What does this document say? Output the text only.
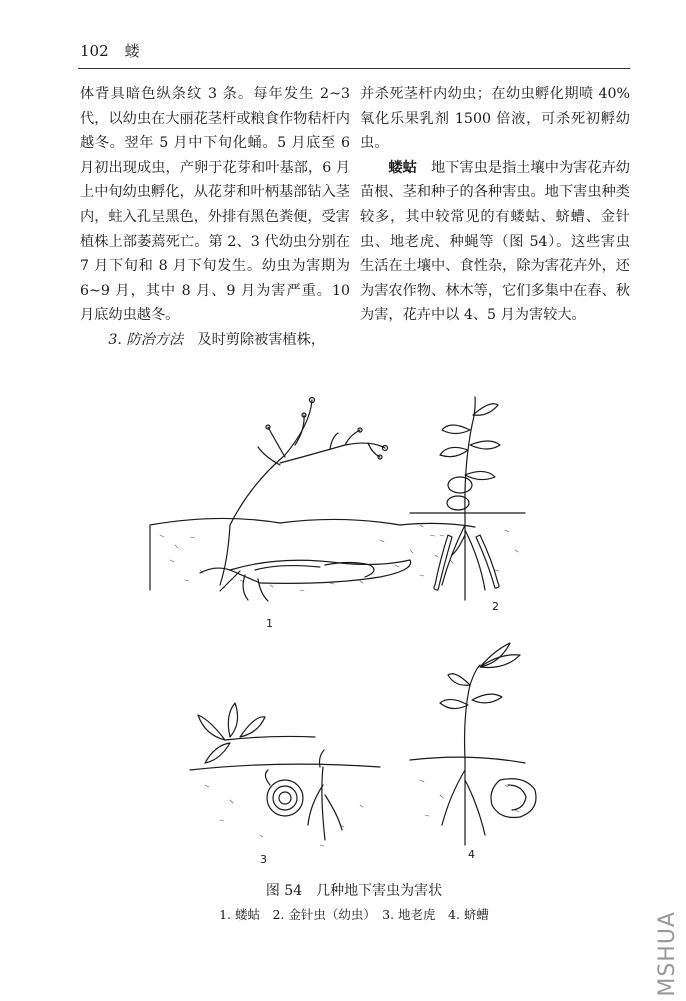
102 蝼

体背具暗色纵条纹 3 条。每年发生 2~3 代，以幼虫在大丽花茎杆或粮食作物秸杆内越冬。翌年 5 月中下旬化蛹。5 月底至 6 月初出现成虫，产卵于花芽和叶基部，6 月上中旬幼虫孵化，从花芽和叶柄基部钻入茎内，蛀入孔呈黑色，外排有黑色粪便，受害植株上部萎蔫死亡。第 2、3 代幼虫分别在 7 月下旬和 8 月下旬发生。幼虫为害期为 6~9 月，其中 8 月、9 月为害严重。10 月底幼虫越冬。

3. 防治方法　及时剪除被害植株，

并杀死茎杆内幼虫；在幼虫孵化期喷 40% 氧化乐果乳剂 1500 倍液，可杀死初孵幼虫。

蝼蛄　地下害虫是指土壤中为害花卉幼苗根、茎和种子的各种害虫。地下害虫种类较多，其中较常见的有蝼蛄、蛴螬、金针虫、地老虎、种蝇等（图 54）。这些害虫生活在土壤中、食性杂，除为害花卉外，还为害农作物、林木等，它们多集中在春、秋为害，花卉中以 4、5 月为害较大。

1
2
3	4
图 54　几种地下害虫为害状
1. 蝼蛄　2. 金针虫（幼虫）　3. 地老虎　4. 蛴螬	MSHUA
